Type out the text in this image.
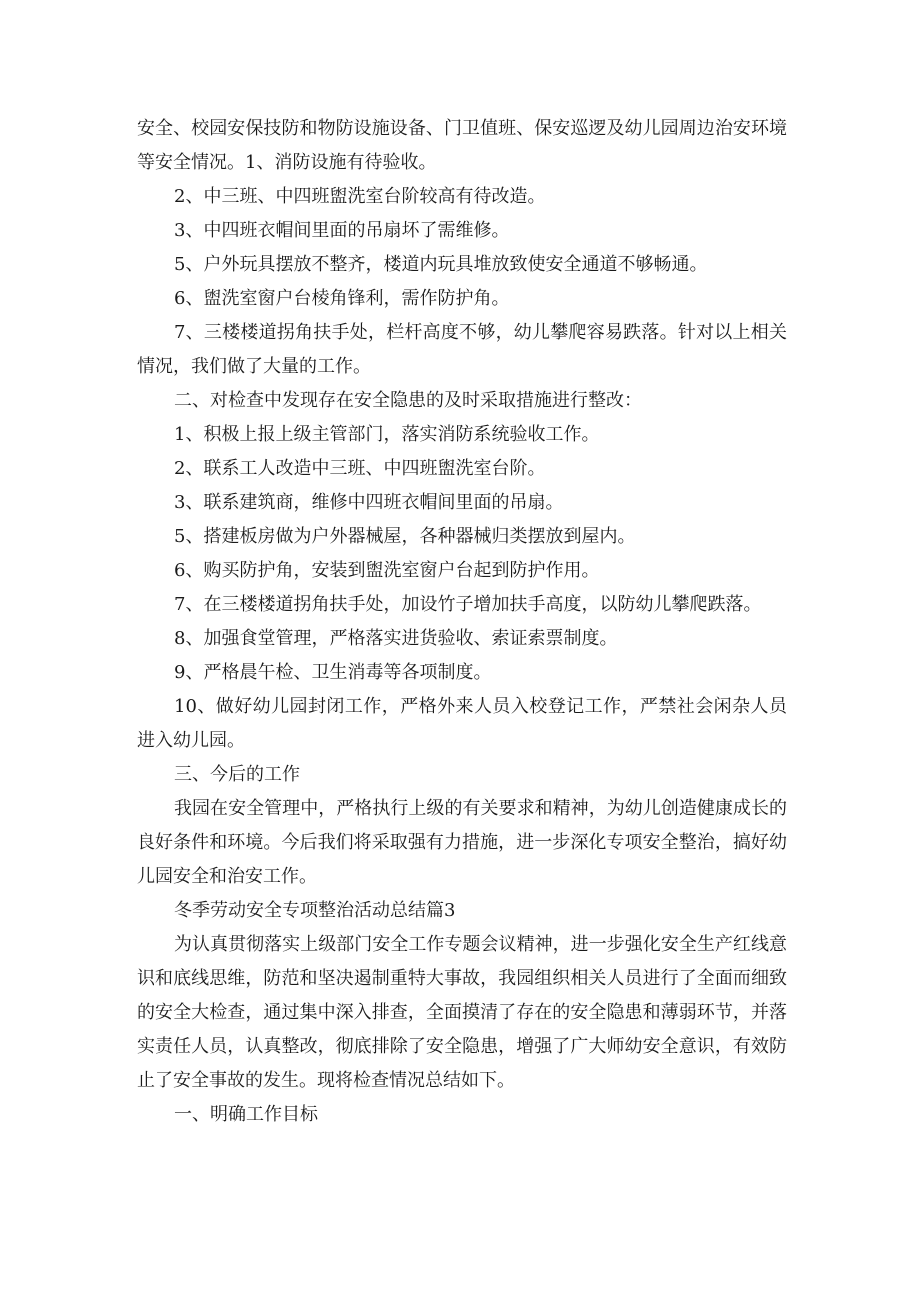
安全、校园安保技防和物防设施设备、门卫值班、保安巡逻及幼儿园周边治安环境等安全情况。1、消防设施有待验收。

2、中三班、中四班盥洗室台阶较高有待改造。

3、中四班衣帽间里面的吊扇坏了需维修。

5、户外玩具摆放不整齐，楼道内玩具堆放致使安全通道不够畅通。

6、盥洗室窗户台棱角锋利，需作防护角。

7、三楼楼道拐角扶手处，栏杆高度不够，幼儿攀爬容易跌落。针对以上相关情况，我们做了大量的工作。

二、对检查中发现存在安全隐患的及时采取措施进行整改：

1、积极上报上级主管部门，落实消防系统验收工作。

2、联系工人改造中三班、中四班盥洗室台阶。

3、联系建筑商，维修中四班衣帽间里面的吊扇。

5、搭建板房做为户外器械屋，各种器械归类摆放到屋内。

6、购买防护角，安装到盥洗室窗户台起到防护作用。

7、在三楼楼道拐角扶手处，加设竹子增加扶手高度，以防幼儿攀爬跌落。

8、加强食堂管理，严格落实进货验收、索证索票制度。

9、严格晨午检、卫生消毒等各项制度。

10、做好幼儿园封闭工作，严格外来人员入校登记工作，严禁社会闲杂人员进入幼儿园。

三、今后的工作

我园在安全管理中，严格执行上级的有关要求和精神，为幼儿创造健康成长的良好条件和环境。今后我们将采取强有力措施，进一步深化专项安全整治，搞好幼儿园安全和治安工作。

冬季劳动安全专项整治活动总结篇3

为认真贯彻落实上级部门安全工作专题会议精神，进一步强化安全生产红线意识和底线思维，防范和坚决遏制重特大事故，我园组织相关人员进行了全面而细致的安全大检查，通过集中深入排查，全面摸清了存在的安全隐患和薄弱环节，并落实责任人员，认真整改，彻底排除了安全隐患，增强了广大师幼安全意识，有效防止了安全事故的发生。现将检查情况总结如下。

一、明确工作目标
